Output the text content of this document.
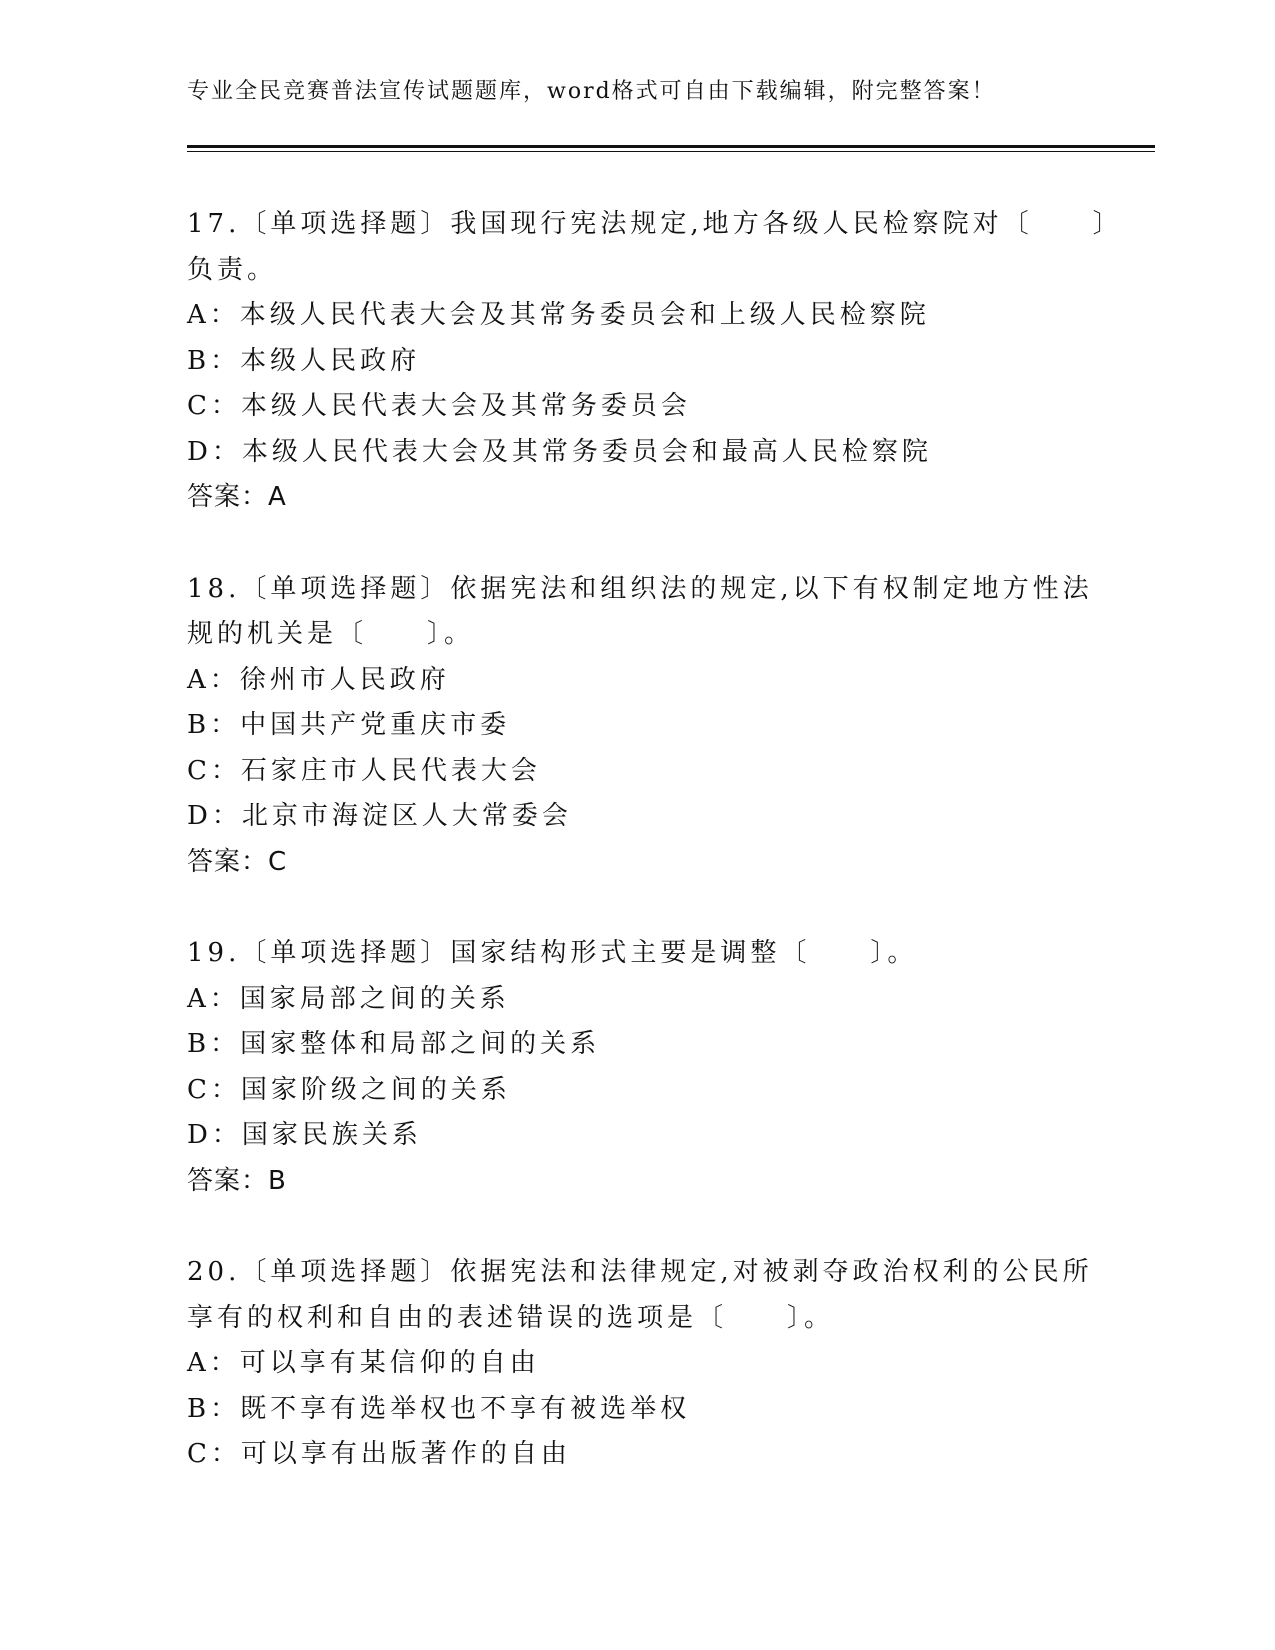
专业全民竞赛普法宣传试题题库，word格式可自由下载编辑，附完整答案！
17.〔单项选择题〕我国现行宪法规定,地方各级人民检察院对〔　　〕
负责。
A：本级人民代表大会及其常务委员会和上级人民检察院
B：本级人民政府
C：本级人民代表大会及其常务委员会
D：本级人民代表大会及其常务委员会和最高人民检察院
答案：A
18.〔单项选择题〕依据宪法和组织法的规定,以下有权制定地方性法
规的机关是〔　　〕。
A：徐州市人民政府
B：中国共产党重庆市委
C：石家庄市人民代表大会
D：北京市海淀区人大常委会
答案：C
19.〔单项选择题〕国家结构形式主要是调整〔　　〕。
A：国家局部之间的关系
B：国家整体和局部之间的关系
C：国家阶级之间的关系
D：国家民族关系
答案：B
20.〔单项选择题〕依据宪法和法律规定,对被剥夺政治权利的公民所
享有的权利和自由的表述错误的选项是〔　　〕。
A：可以享有某信仰的自由
B：既不享有选举权也不享有被选举权
C：可以享有出版著作的自由
